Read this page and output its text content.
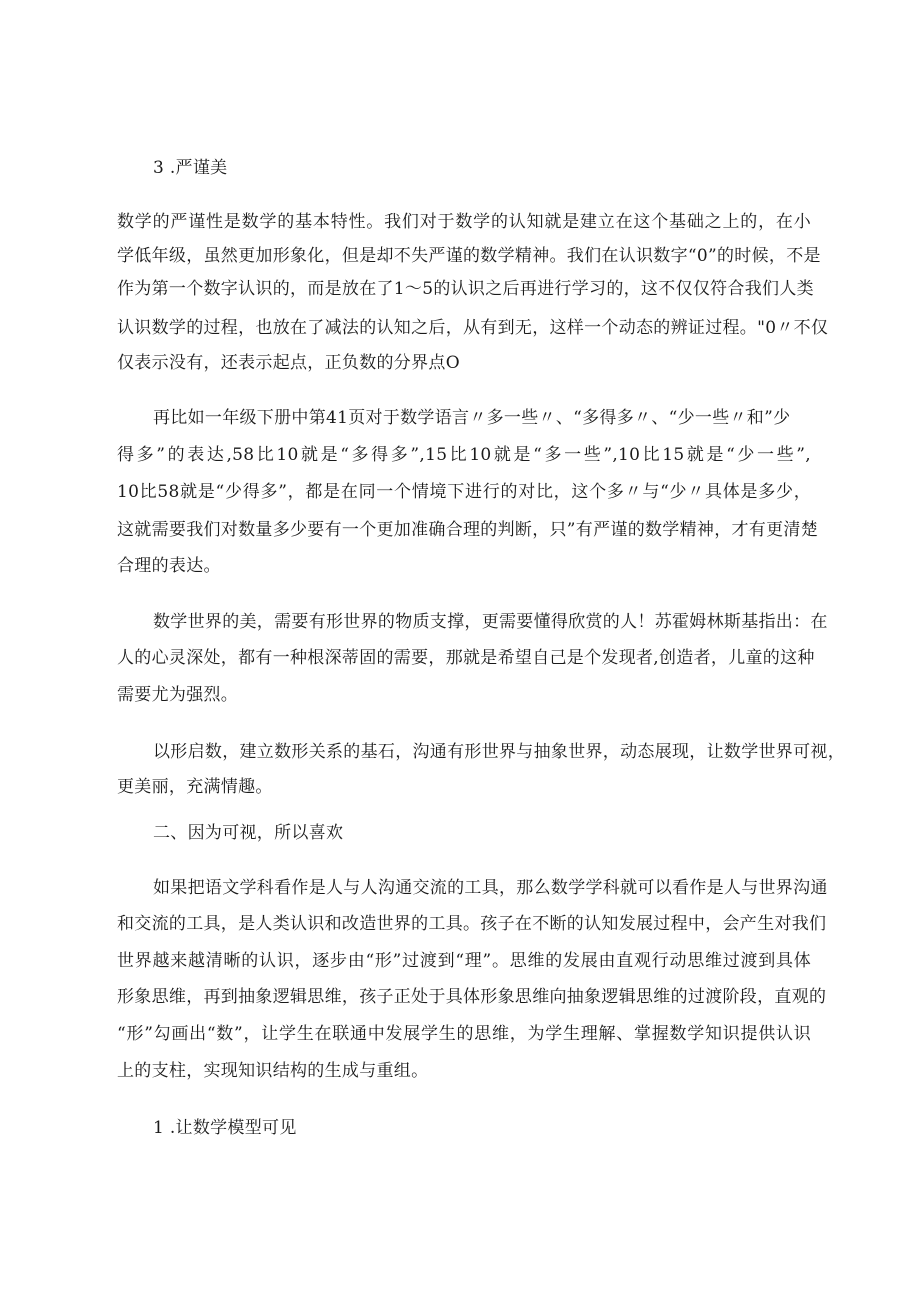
3 .严谨美
数学的严谨性是数学的基本特性。我们对于数学的认知就是建立在这个基础之上的，在小
学低年级，虽然更加形象化，但是却不失严谨的数学精神。我们在认识数字“0”的时候，不是
作为第一个数字认识的，而是放在了1～5的认识之后再进行学习的，这不仅仅符合我们人类
认识数学的过程，也放在了减法的认知之后，从有到无，这样一个动态的辨证过程。"0〃不仅
仅表示没有，还表示起点，正负数的分界点O
再比如一年级下册中第41页对于数学语言〃多一些〃、“多得多〃、“少一些〃和”少
得多”的表达,58比10就是“多得多”,15比10就是“多一些”,10比15就是“少一些”,
10比58就是“少得多”，都是在同一个情境下进行的对比，这个多〃与“少〃具体是多少，
这就需要我们对数量多少要有一个更加准确合理的判断，只”有严谨的数学精神，才有更清楚
合理的表达。
数学世界的美，需要有形世界的物质支撑，更需要懂得欣赏的人！苏霍姆林斯基指出：在
人的心灵深处，都有一种根深蒂固的需要，那就是希望自己是个发现者,创造者，儿童的这种
需要尤为强烈。
以形启数，建立数形关系的基石，沟通有形世界与抽象世界，动态展现，让数学世界可视，
更美丽，充满情趣。
二、因为可视，所以喜欢
如果把语文学科看作是人与人沟通交流的工具，那么数学学科就可以看作是人与世界沟通
和交流的工具，是人类认识和改造世界的工具。孩子在不断的认知发展过程中，会产生对我们
世界越来越清晰的认识，逐步由“形”过渡到“理”。思维的发展由直观行动思维过渡到具体
形象思维，再到抽象逻辑思维，孩子正处于具体形象思维向抽象逻辑思维的过渡阶段，直观的
“形”勾画出“数”，让学生在联通中发展学生的思维，为学生理解、掌握数学知识提供认识
上的支柱，实现知识结构的生成与重组。
1 .让数学模型可见
